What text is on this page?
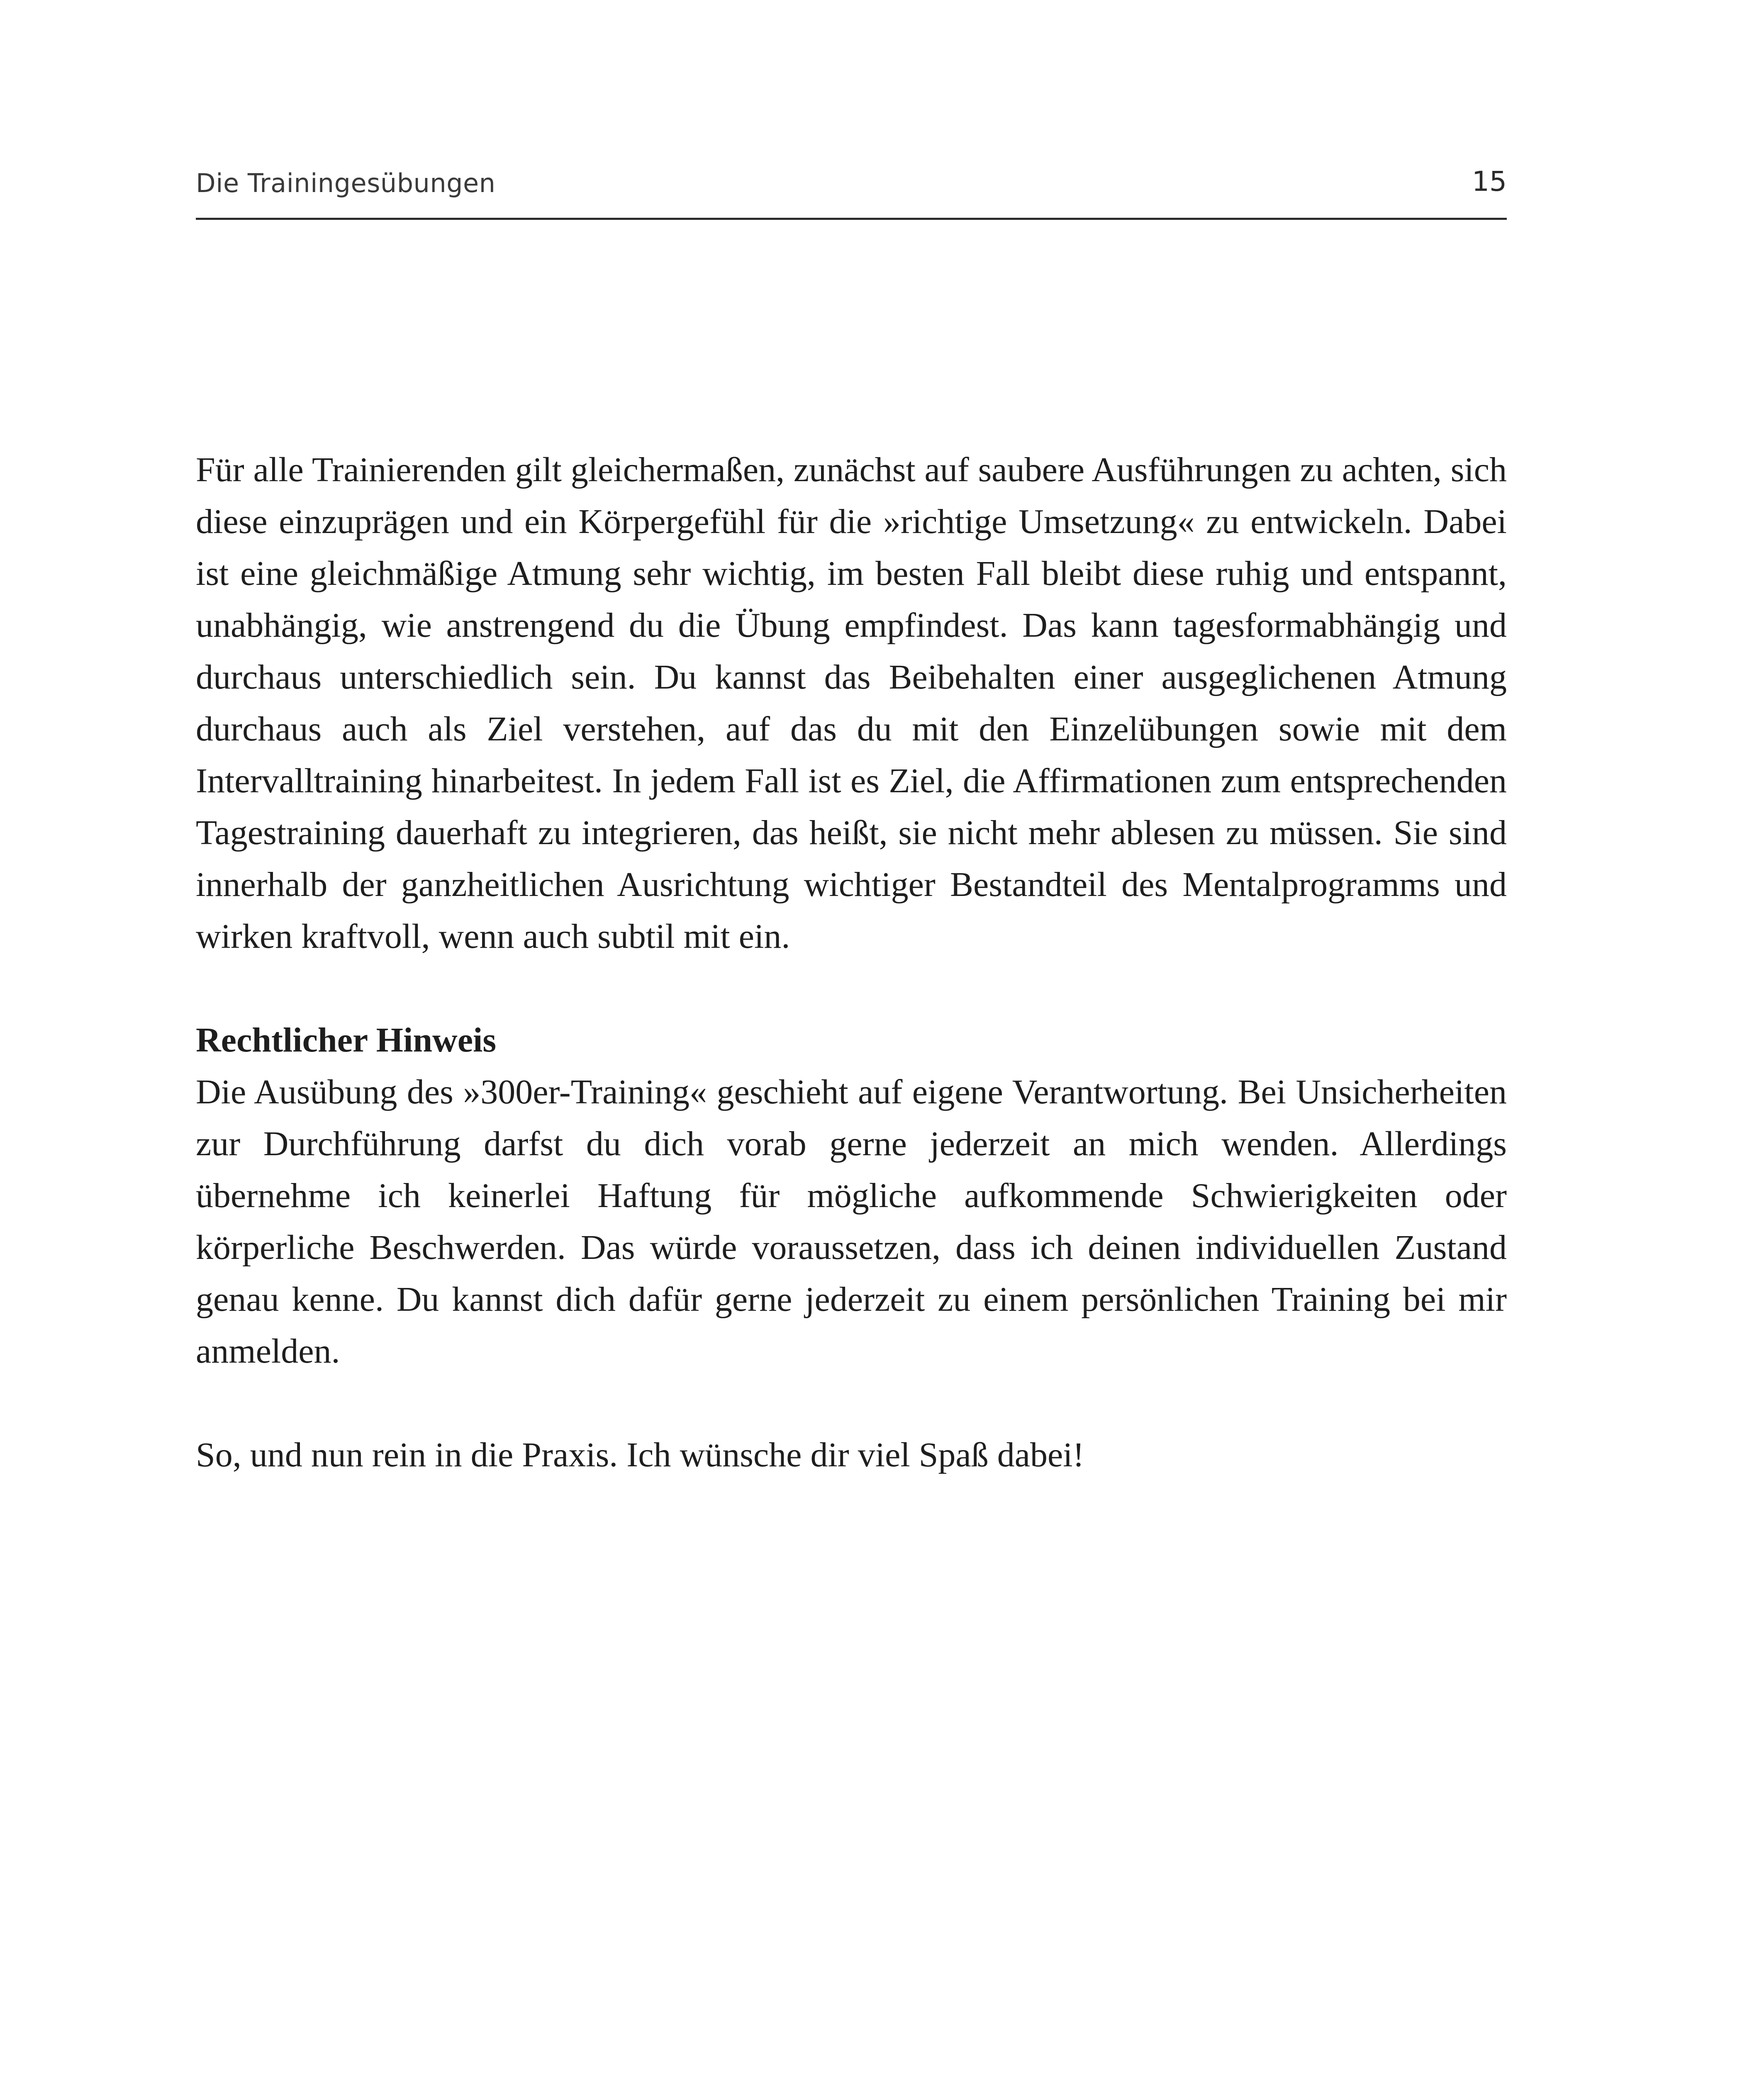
Die Trainingesübungen	15

Für alle Trainierenden gilt gleichermaßen, zunächst auf saubere Ausführungen zu achten, sich diese einzuprägen und ein Körpergefühl für die »richtige Umsetzung« zu entwickeln. Dabei ist eine gleichmäßige Atmung sehr wichtig, im besten Fall bleibt diese ruhig und entspannt, unabhängig, wie anstrengend du die Übung empfindest. Das kann tagesformabhängig und durchaus unterschiedlich sein. Du kannst das Beibehalten einer ausgeglichenen Atmung durchaus auch als Ziel verstehen, auf das du mit den Einzelübungen sowie mit dem Intervalltraining hinarbeitest. In jedem Fall ist es Ziel, die Affirmationen zum entsprechenden Tagestraining dauerhaft zu integrieren, das heißt, sie nicht mehr ablesen zu müssen. Sie sind innerhalb der ganzheitlichen Ausrichtung wichtiger Bestandteil des Mentalprogramms und wirken kraftvoll, wenn auch subtil mit ein.

Rechtlicher Hinweis

Die Ausübung des »300er-Training« geschieht auf eigene Verantwortung. Bei Unsicherheiten zur Durchführung darfst du dich vorab gerne jederzeit an mich wenden. Allerdings übernehme ich keinerlei Haftung für mögliche aufkommende Schwierigkeiten oder körperliche Beschwerden. Das würde voraussetzen, dass ich deinen individuellen Zustand genau kenne. Du kannst dich dafür gerne jederzeit zu einem persönlichen Training bei mir anmelden.

So, und nun rein in die Praxis. Ich wünsche dir viel Spaß dabei!
